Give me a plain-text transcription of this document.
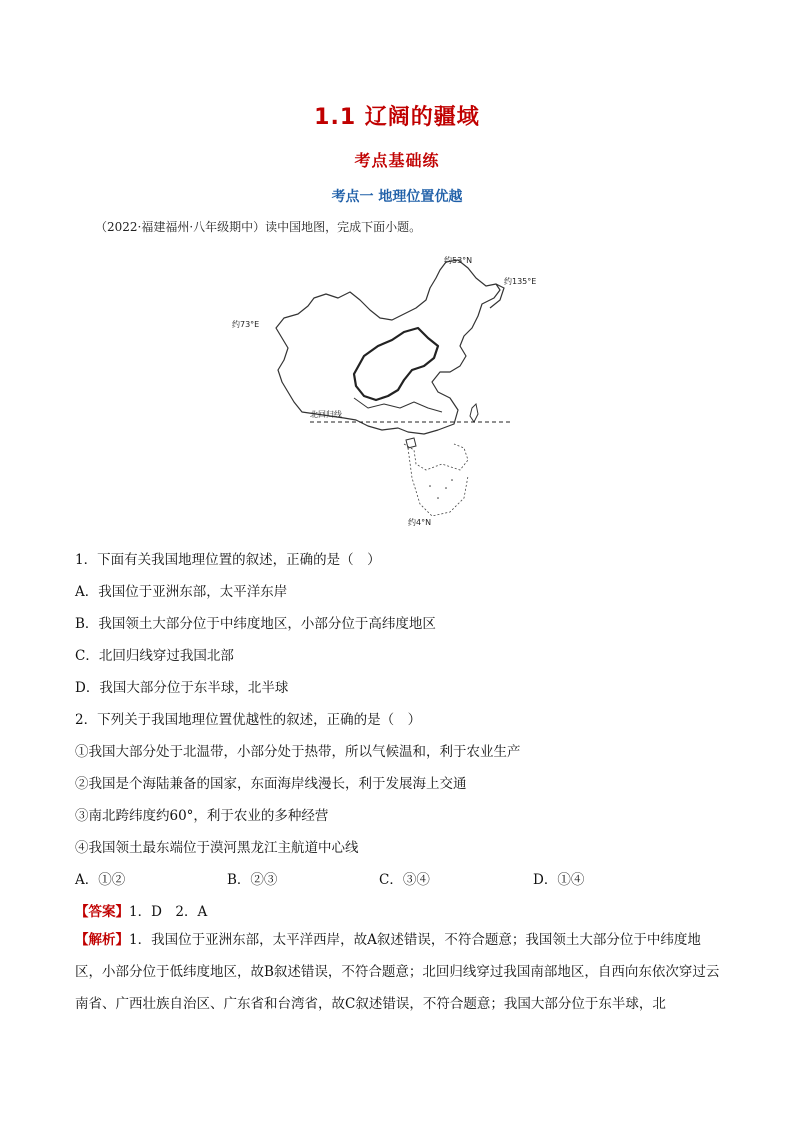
1.1 辽阔的疆域
考点基础练
考点一 地理位置优越
（2022·福建福州·八年级期中）读中国地图，完成下面小题。
约53°N
约135°E
约73°E
北回归线
约4°N
1．下面有关我国地理位置的叙述，正确的是（　）
A．我国位于亚洲东部，太平洋东岸
B．我国领土大部分位于中纬度地区，小部分位于高纬度地区
C．北回归线穿过我国北部
D．我国大部分位于东半球，北半球
2．下列关于我国地理位置优越性的叙述，正确的是（　）
①我国大部分处于北温带，小部分处于热带，所以气候温和，利于农业生产
②我国是个海陆兼备的国家，东面海岸线漫长，利于发展海上交通
③南北跨纬度约60°，利于农业的多种经营
④我国领土最东端位于漠河黑龙江主航道中心线
A．①②	B．②③	C．③④	D．①④
【答案】1．D　2．A
【解析】1．我国位于亚洲东部，太平洋西岸，故A叙述错误，不符合题意；我国领土大部分位于中纬度地区，小部分位于低纬度地区，故B叙述错误，不符合题意；北回归线穿过我国南部地区，自西向东依次穿过云南省、广西壮族自治区、广东省和台湾省，故C叙述错误，不符合题意；我国大部分位于东半球，北
